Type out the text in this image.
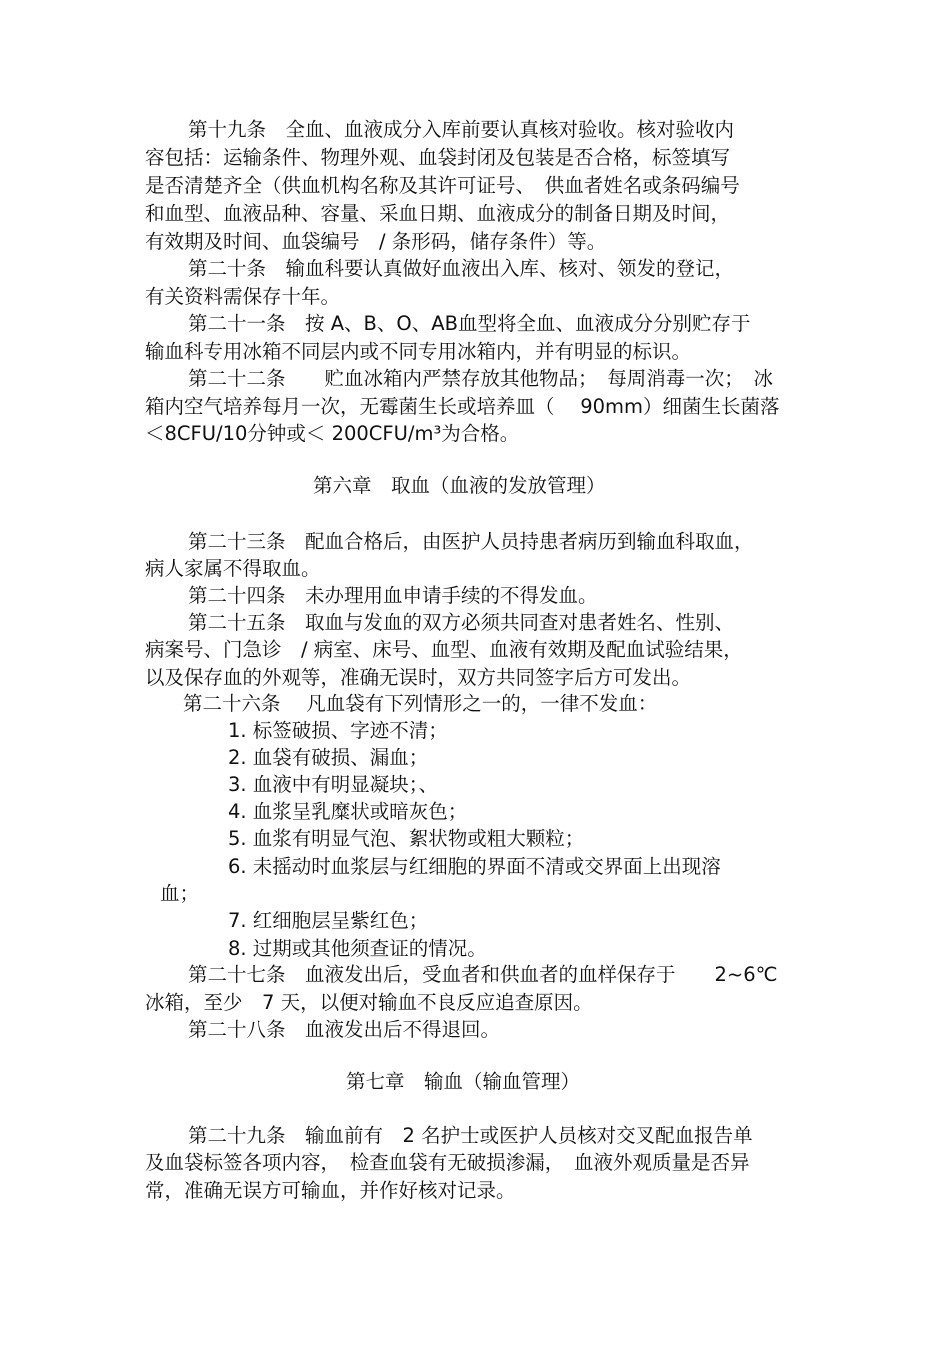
第十九条　全血、血液成分入库前要认真核对验收。核对验收内
容包括：运输条件、物理外观、血袋封闭及包装是否合格，标签填写
是否清楚齐全（供血机构名称及其许可证号、　供血者姓名或条码编号
和血型、血液品种、容量、采血日期、血液成分的制备日期及时间，
有效期及时间、血袋编号　/ 条形码，储存条件）等。
第二十条　输血科要认真做好血液出入库、核对、领发的登记，
有关资料需保存十年。
第二十一条　按 A、B、O、AB血型将全血、血液成分分别贮存于
输血科专用冰箱不同层内或不同专用冰箱内，并有明显的标识。
第二十二条　　贮血冰箱内严禁存放其他物品；　每周消毒一次；　冰
箱内空气培养每月一次，无霉菌生长或培养皿（　 90mm）细菌生长菌落
＜8CFU/10分钟或＜ 200CFU/m³为合格。
第六章　取血（血液的发放管理）
第二十三条　配血合格后，由医护人员持患者病历到输血科取血，
病人家属不得取血。
第二十四条　未办理用血申请手续的不得发血。
第二十五条　取血与发血的双方必须共同查对患者姓名、性别、
病案号、门急诊　/ 病室、床号、血型、血液有效期及配血试验结果，
以及保存血的外观等，准确无误时，双方共同签字后方可发出。
第二十六条　 凡血袋有下列情形之一的，一律不发血：
1. 标签破损、字迹不清；
2. 血袋有破损、漏血；
3. 血液中有明显凝块；、
4. 血浆呈乳糜状或暗灰色；
5. 血浆有明显气泡、絮状物或粗大颗粒；
6. 未摇动时血浆层与红细胞的界面不清或交界面上出现溶
血；
7. 红细胞层呈紫红色；
8. 过期或其他须查证的情况。
第二十七条　血液发出后，受血者和供血者的血样保存于　　2~6℃
冰箱，至少　7 天，以便对输血不良反应追查原因。
第二十八条　血液发出后不得退回。
第七章　输血（输血管理）
第二十九条　输血前有　2 名护士或医护人员核对交叉配血报告单
及血袋标签各项内容，　检查血袋有无破损渗漏，　血液外观质量是否异
常，准确无误方可输血，并作好核对记录。
